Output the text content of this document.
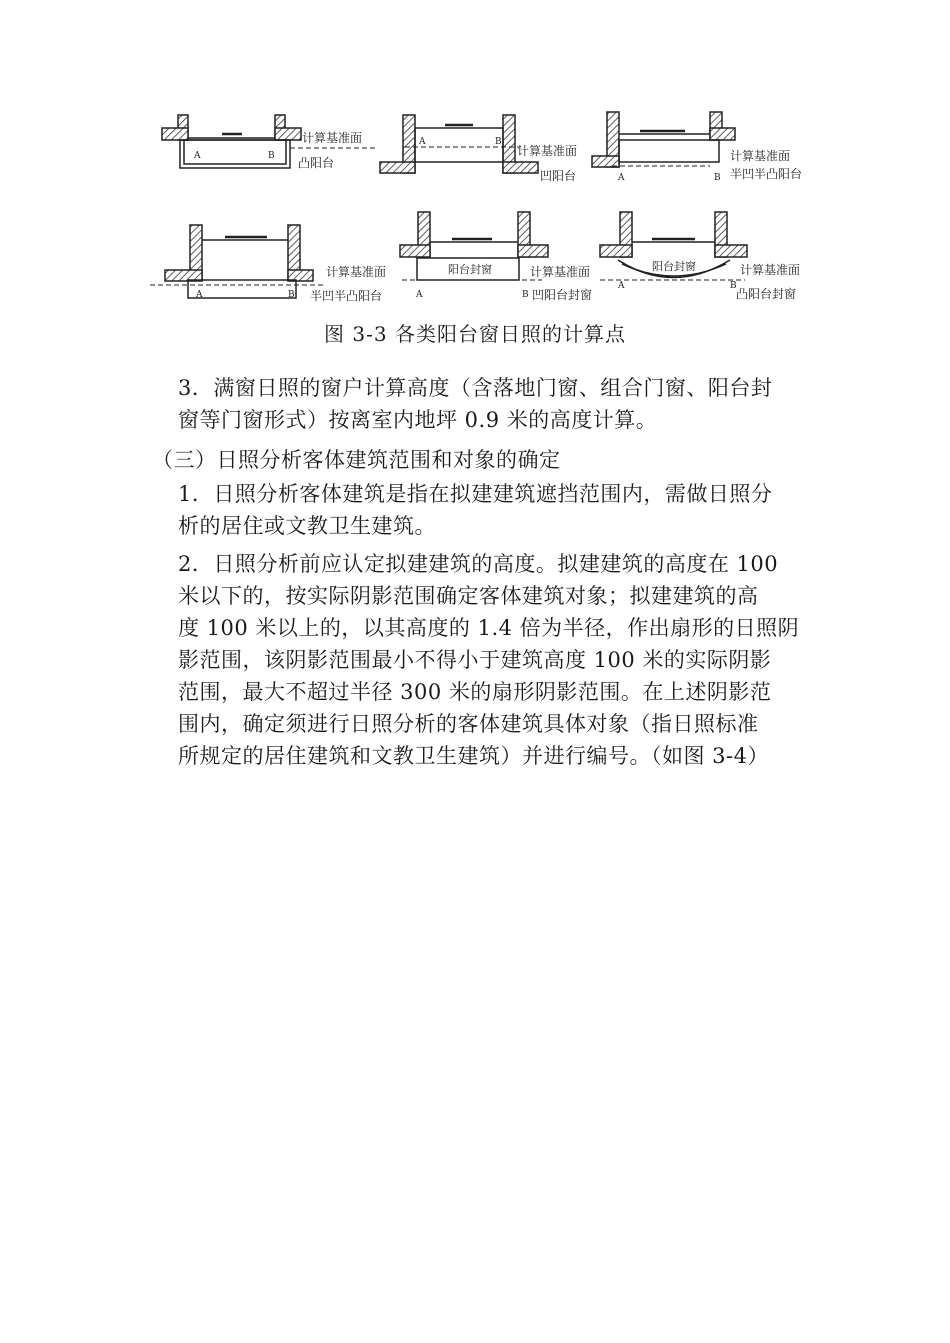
A	B
计算基准面
凸阳台
A	B
计算基准面
凹阳台	A	B
计算基准面
半凹半凸阳台
A	B
计算基准面
半凹半凸阳台
阳台封窗
A	B
计算基准面
凹阳台封窗
阳台封窗
A	B
计算基准面
凸阳台封窗
图 3-3 各类阳台窗日照的计算点
3．满窗日照的窗户计算高度（含落地门窗、组合门窗、阳台封
窗等门窗形式）按离室内地坪 0.9 米的高度计算。
（三）日照分析客体建筑范围和对象的确定
1．日照分析客体建筑是指在拟建建筑遮挡范围内，需做日照分
析的居住或文教卫生建筑。
2．日照分析前应认定拟建建筑的高度。拟建建筑的高度在 100
米以下的，按实际阴影范围确定客体建筑对象；拟建建筑的高
度 100 米以上的，以其高度的 1.4 倍为半径，作出扇形的日照阴
影范围，该阴影范围最小不得小于建筑高度 100 米的实际阴影
范围，最大不超过半径 300 米的扇形阴影范围。在上述阴影范
围内，确定须进行日照分析的客体建筑具体对象（指日照标准
所规定的居住建筑和文教卫生建筑）并进行编号。（如图 3-4）
